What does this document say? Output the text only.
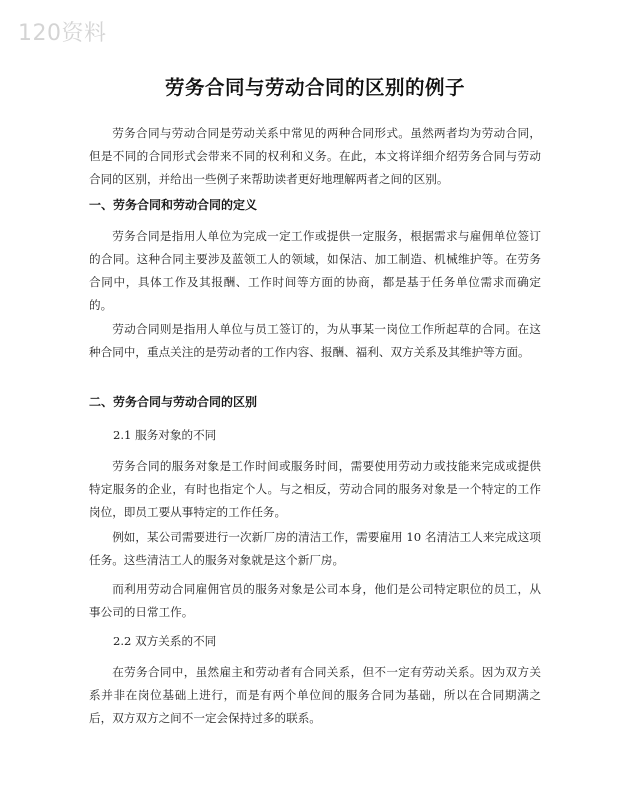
120资料
劳务合同与劳动合同的区别的例子
劳务合同与劳动合同是劳动关系中常见的两种合同形式。虽然两者均为劳动合同，但是不同的合同形式会带来不同的权利和义务。在此，本文将详细介绍劳务合同与劳动合同的区别，并给出一些例子来帮助读者更好地理解两者之间的区别。
一、劳务合同和劳动合同的定义
劳务合同是指用人单位为完成一定工作或提供一定服务，根据需求与雇佣单位签订的合同。这种合同主要涉及蓝领工人的领域，如保洁、加工制造、机械维护等。在劳务合同中，具体工作及其报酬、工作时间等方面的协商，都是基于任务单位需求而确定的。
劳动合同则是指用人单位与员工签订的，为从事某一岗位工作所起草的合同。在这种合同中，重点关注的是劳动者的工作内容、报酬、福利、双方关系及其维护等方面。
二、劳务合同与劳动合同的区别
2.1 服务对象的不同
劳务合同的服务对象是工作时间或服务时间，需要使用劳动力或技能来完成或提供特定服务的企业，有时也指定个人。与之相反，劳动合同的服务对象是一个特定的工作岗位，即员工要从事特定的工作任务。
例如，某公司需要进行一次新厂房的清洁工作，需要雇用 10 名清洁工人来完成这项任务。这些清洁工人的服务对象就是这个新厂房。
而利用劳动合同雇佣官员的服务对象是公司本身，他们是公司特定职位的员工，从事公司的日常工作。
2.2 双方关系的不同
在劳务合同中，虽然雇主和劳动者有合同关系，但不一定有劳动关系。因为双方关系并非在岗位基础上进行，而是有两个单位间的服务合同为基础，所以在合同期满之后，双方双方之间不一定会保持过多的联系。
